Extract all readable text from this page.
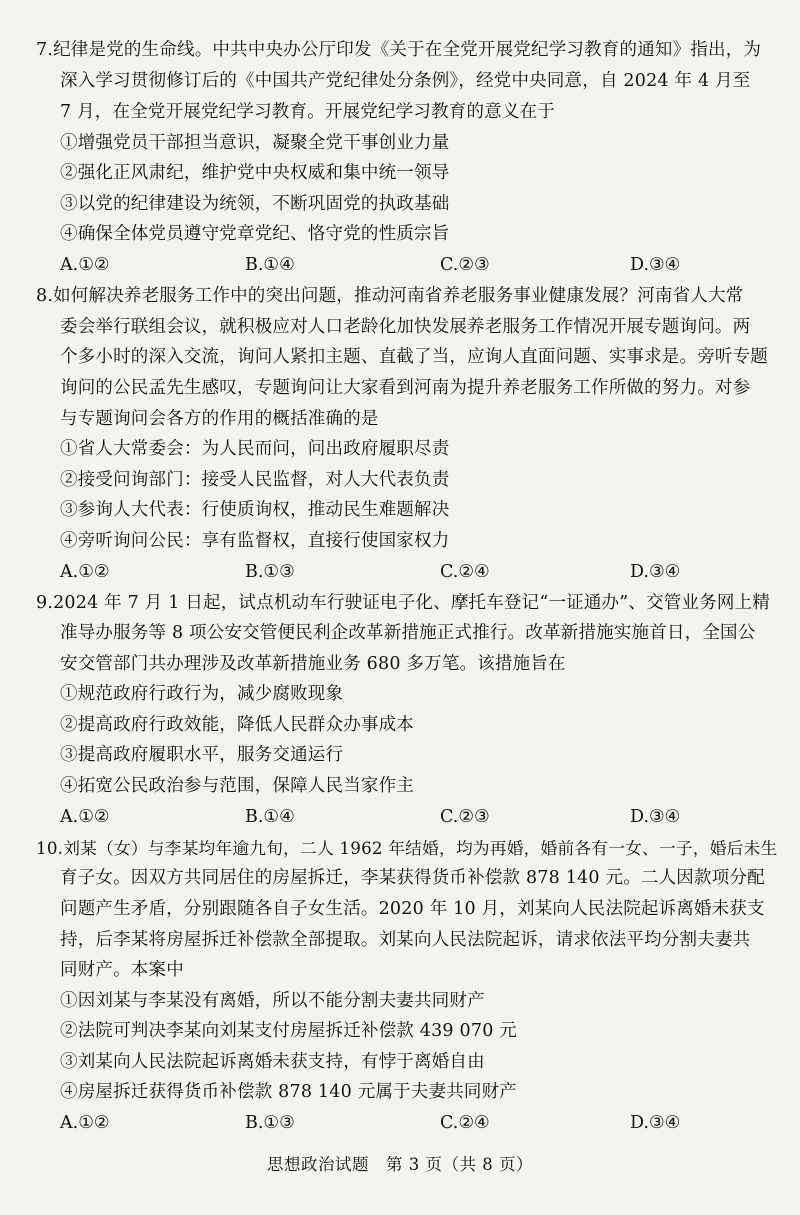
7.纪律是党的生命线。中共中央办公厅印发《关于在全党开展党纪学习教育的通知》指出，为
深入学习贯彻修订后的《中国共产党纪律处分条例》，经党中央同意，自 2024 年 4 月至
7 月，在全党开展党纪学习教育。开展党纪学习教育的意义在于
①增强党员干部担当意识，凝聚全党干事创业力量
②强化正风肃纪，维护党中央权威和集中统一领导
③以党的纪律建设为统领，不断巩固党的执政基础
④确保全体党员遵守党章党纪、恪守党的性质宗旨
A.①②	B.①④	C.②③	D.③④
8.如何解决养老服务工作中的突出问题，推动河南省养老服务事业健康发展？河南省人大常
委会举行联组会议，就积极应对人口老龄化加快发展养老服务工作情况开展专题询问。两
个多小时的深入交流，询问人紧扣主题、直截了当，应询人直面问题、实事求是。旁听专题
询问的公民孟先生感叹，专题询问让大家看到河南为提升养老服务工作所做的努力。对参
与专题询问会各方的作用的概括准确的是
①省人大常委会：为人民而问，问出政府履职尽责
②接受问询部门：接受人民监督，对人大代表负责
③参询人大代表：行使质询权，推动民生难题解决
④旁听询问公民：享有监督权，直接行使国家权力
A.①②	B.①③	C.②④	D.③④
9.2024 年 7 月 1 日起，试点机动车行驶证电子化、摩托车登记“一证通办”、交管业务网上精
准导办服务等 8 项公安交管便民利企改革新措施正式推行。改革新措施实施首日，全国公
安交管部门共办理涉及改革新措施业务 680 多万笔。该措施旨在
①规范政府行政行为，减少腐败现象
②提高政府行政效能，降低人民群众办事成本
③提高政府履职水平，服务交通运行
④拓宽公民政治参与范围，保障人民当家作主
A.①②	B.①④	C.②③	D.③④
10.刘某（女）与李某均年逾九旬，二人 1962 年结婚，均为再婚，婚前各有一女、一子，婚后未生
育子女。因双方共同居住的房屋拆迁，李某获得货币补偿款 878 140 元。二人因款项分配
问题产生矛盾，分别跟随各自子女生活。2020 年 10 月，刘某向人民法院起诉离婚未获支
持，后李某将房屋拆迁补偿款全部提取。刘某向人民法院起诉，请求依法平均分割夫妻共
同财产。本案中
①因刘某与李某没有离婚，所以不能分割夫妻共同财产
②法院可判决李某向刘某支付房屋拆迁补偿款 439 070 元
③刘某向人民法院起诉离婚未获支持，有悖于离婚自由
④房屋拆迁获得货币补偿款 878 140 元属于夫妻共同财产
A.①②	B.①③	C.②④	D.③④
思想政治试题　第 3 页（共 8 页）
